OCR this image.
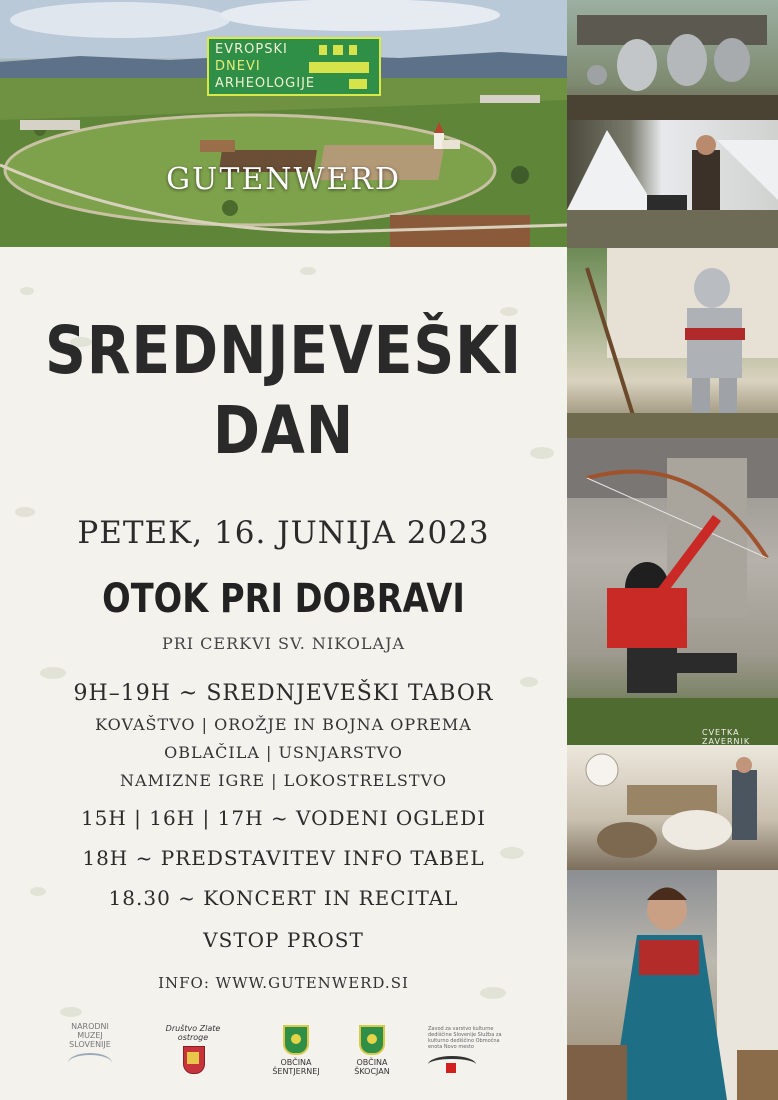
EVROPSKI
DNEVI
ARHEOLOGIJE
GUTENWERD
SREDNJEVEŠKI
DAN
PETEK, 16. JUNIJA 2023
OTOK PRI DOBRAVI
PRI CERKVI SV. NIKOLAJA
9H–19H ~ SREDNJEVEŠKI TABOR
KOVAŠTVO | OROŽJE IN BOJNA OPREMA
OBLAČILA | USNJARSTVO
NAMIZNE IGRE | LOKOSTRELSTVO
15H | 16H | 17H ~ VODENI OGLEDI
18H ~ PREDSTAVITEV INFO TABEL
18.30 ~ KONCERT IN RECITAL
VSTOP PROST
INFO: WWW.GUTENWERD.SI
NARODNI MUZEJ SLOVENIJE
Društvo Zlate ostroge
OBČINA ŠENTJERNEJ
OBČINA ŠKOCJAN
Zavod za varstvo kulturne dediščine Slovenije Služba za kulturno dediščino Območna enota Novo mesto
CVETKA ZAVERNIK
